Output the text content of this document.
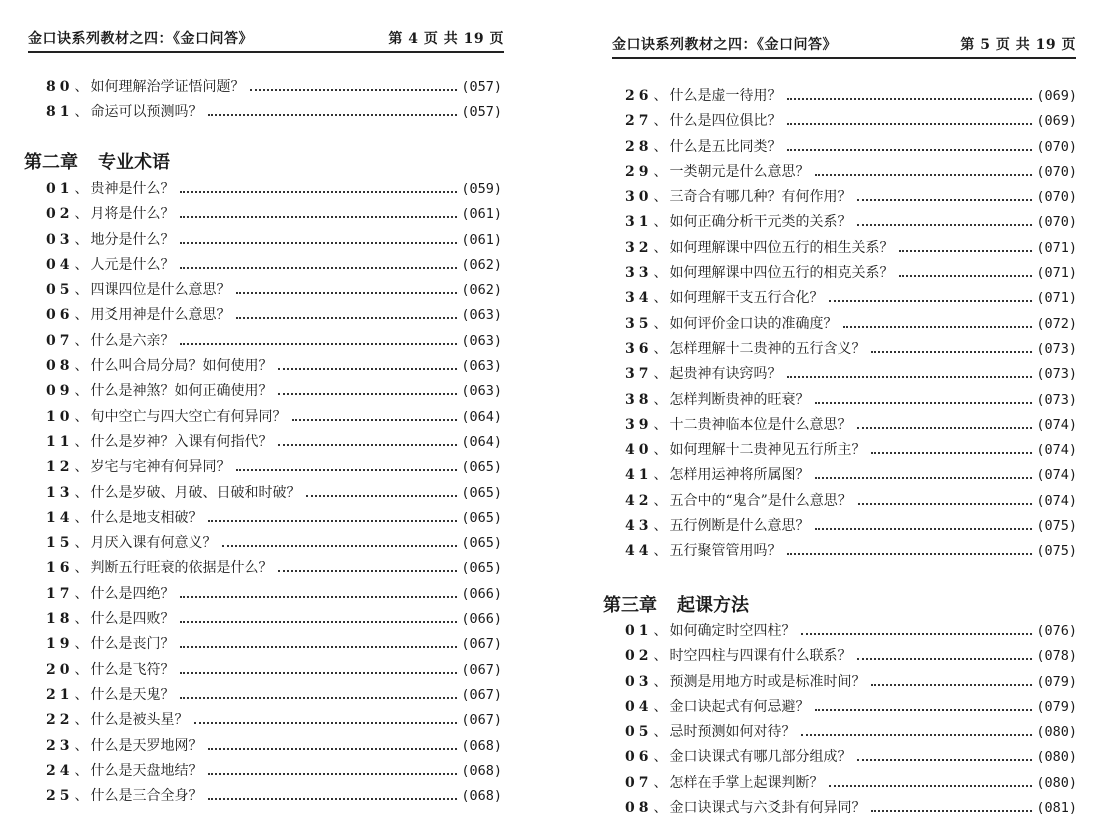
金口诀系列教材之四：《金口问答》	第 4 页 共 19 页
80 、 如何理解治学证悟问题？	(057)
81 、 命运可以预测吗？	(057)
第二章 专业术语
01 、 贵神是什么？	(059)
02 、 月将是什么？	(061)
03 、 地分是什么？	(061)
04 、 人元是什么？	(062)
05 、 四课四位是什么意思？	(062)
06 、 用爻用神是什么意思？	(063)
07 、 什么是六亲？	(063)
08 、 什么叫合局分局？如何使用？	(063)
09 、 什么是神煞？如何正确使用？	(063)
10 、 旬中空亡与四大空亡有何异同？	(064)
11 、 什么是岁神？入课有何指代？	(064)
12 、 岁宅与宅神有何异同？	(065)
13 、 什么是岁破、月破、日破和时破？	(065)
14 、 什么是地支相破？	(065)
15 、 月厌入课有何意义？	(065)
16 、 判断五行旺衰的依据是什么？	(065)
17 、 什么是四绝？	(066)
18 、 什么是四败？	(066)
19 、 什么是丧门？	(067)
20 、 什么是飞符？	(067)
21 、 什么是天鬼？	(067)
22 、 什么是被头星？	(067)
23 、 什么是天罗地网？	(068)
24 、 什么是天盘地结？	(068)
25 、 什么是三合全身？	(068)
金口诀系列教材之四：《金口问答》	第 5 页 共 19 页
26 、 什么是虚一待用？	(069)
27 、 什么是四位俱比？	(069)
28 、 什么是五比同类？	(070)
29 、 一类朝元是什么意思？	(070)
30 、 三奇合有哪几种？有何作用？	(070)
31 、 如何正确分析干元类的关系？	(070)
32 、 如何理解课中四位五行的相生关系？	(071)
33 、 如何理解课中四位五行的相克关系？	(071)
34 、 如何理解干支五行合化？	(071)
35 、 如何评价金口诀的准确度？	(072)
36 、 怎样理解十二贵神的五行含义？	(073)
37 、 起贵神有诀窍吗？	(073)
38 、 怎样判断贵神的旺衰？	(073)
39 、 十二贵神临本位是什么意思？	(074)
40 、 如何理解十二贵神见五行所主？	(074)
41 、 怎样用运神将所属图？	(074)
42 、 五合中的“鬼合”是什么意思？	(074)
43 、 五行例断是什么意思？	(075)
44 、 五行聚管管用吗？	(075)
第三章 起课方法
01 、 如何确定时空四柱？	(076)
02 、 时空四柱与四课有什么联系？	(078)
03 、 预测是用地方时或是标准时间？	(079)
04 、 金口诀起式有何忌避？	(079)
05 、 忌时预测如何对待？	(080)
06 、 金口诀课式有哪几部分组成？	(080)
07 、 怎样在手掌上起课判断？	(080)
08 、 金口诀课式与六爻卦有何异同？	(081)
